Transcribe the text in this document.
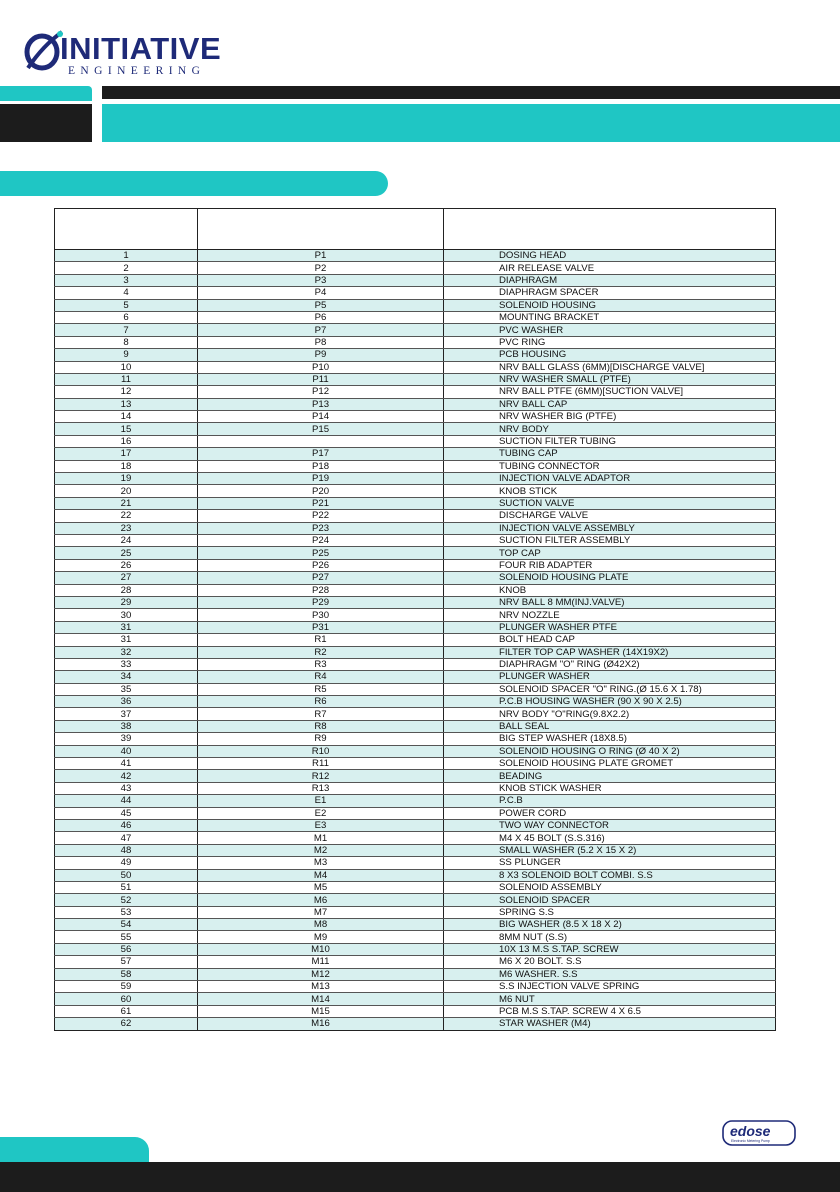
INITIATIVE
ENGINEERING

1	P1	DOSING HEAD
2	P2	AIR RELEASE VALVE
3	P3	DIAPHRAGM
4	P4	DIAPHRAGM SPACER
5	P5	SOLENOID HOUSING
6	P6	MOUNTING BRACKET
7	P7	PVC WASHER
8	P8	PVC RING
9	P9	PCB HOUSING
10	P10	NRV BALL GLASS (6MM)[DISCHARGE VALVE]
11	P11	NRV WASHER SMALL (PTFE)
12	P12	NRV BALL PTFE (6MM)[SUCTION VALVE]
13	P13	NRV BALL CAP
14	P14	NRV WASHER BIG (PTFE)
15	P15	NRV BODY
16		SUCTION FILTER TUBING
17	P17	TUBING CAP
18	P18	TUBING CONNECTOR
19	P19	INJECTION VALVE ADAPTOR
20	P20	KNOB STICK
21	P21	SUCTION VALVE
22	P22	DISCHARGE VALVE
23	P23	INJECTION VALVE ASSEMBLY
24	P24	SUCTION FILTER ASSEMBLY
25	P25	TOP CAP
26	P26	FOUR RIB ADAPTER
27	P27	SOLENOID HOUSING PLATE
28	P28	KNOB
29	P29	NRV BALL 8 MM(INJ.VALVE)
30	P30	NRV NOZZLE
31	P31	PLUNGER WASHER PTFE
31	R1	BOLT HEAD CAP
32	R2	FILTER TOP CAP WASHER (14X19X2)
33	R3	DIAPHRAGM "O" RING (Ø42X2)
34	R4	PLUNGER WASHER
35	R5	SOLENOID SPACER "O" RING.(Ø 15.6 X 1.78)
36	R6	P.C.B HOUSING WASHER (90 X 90 X 2.5)
37	R7	NRV BODY "O"RING(9.8X2.2)
38	R8	BALL SEAL
39	R9	BIG STEP WASHER (18X8.5)
40	R10	SOLENOID HOUSING O RING (Ø 40 X 2)
41	R11	SOLENOID HOUSING PLATE GROMET
42	R12	BEADING
43	R13	KNOB STICK WASHER
44	E1	P.C.B
45	E2	POWER CORD
46	E3	TWO WAY CONNECTOR
47	M1	M4 X 45 BOLT (S.S.316)
48	M2	SMALL WASHER (5.2 X 15 X 2)
49	M3	SS PLUNGER
50	M4	8 X3 SOLENOID BOLT COMBI. S.S
51	M5	SOLENOID ASSEMBLY
52	M6	SOLENOID SPACER
53	M7	SPRING S.S
54	M8	BIG WASHER (8.5 X 18 X 2)
55	M9	8MM NUT (S.S)
56	M10	10X 13 M.S S.TAP. SCREW
57	M11	M6 X 20 BOLT. S.S
58	M12	M6 WASHER. S.S
59	M13	S.S INJECTION VALVE SPRING
60	M14	M6 NUT
61	M15	PCB M.S S.TAP. SCREW 4 X 6.5
62	M16	STAR WASHER (M4)
edose
Electronic Metering Pump
